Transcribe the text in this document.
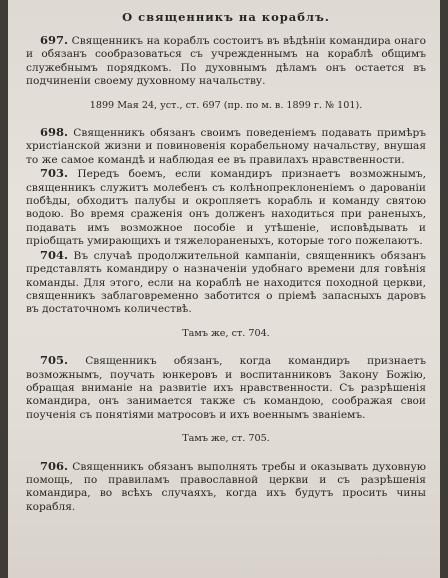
О священникъ на кораблъ.

697. Священникъ на кораблъ состоитъ въ вѣдѣніи командира онаго и обязанъ сообразоваться съ учрежденнымъ на кораблѣ общимъ служебнымъ порядкомъ. По духовнымъ дѣламъ онъ остается въ подчиненіи своему духовному начальству.

1899 Мая 24, уст., ст. 697 (пр. по м. в. 1899 г. № 101).

698. Священникъ обязанъ своимъ поведеніемъ подавать примѣръ христіанской жизни и повиновенія корабельному начальству, внушая то же самое командѣ и наблюдая ее въ правилахъ нравственности.

703. Передъ боемъ, если командиръ признаетъ возможнымъ, священникъ служитъ молебенъ съ колѣнопреклоненіемъ о дарованіи побѣды, обходитъ палубы и окропляетъ корабль и команду святою водою. Во время сраженія онъ долженъ находиться при раненыхъ, подавать имъ возможное пособіе и утѣшеніе, исповѣдывать и пріобщать умирающихъ и тяжелораненыхъ, которые того пожелаютъ.

704. Въ случаѣ продолжительной кампаніи, священникъ обязанъ представлять командиру о назначеніи удобнаго времени для говѣнія команды. Для этого, если на кораблѣ не находится походной церкви, священникъ заблаговременно заботится о пріемѣ запасныхъ даровъ въ достаточномъ количествѣ.

Тамъ же, ст. 704.

705. Священникъ обязанъ, когда командиръ признаетъ возможнымъ, поучать юнкеровъ и воспитанниковъ Закону Божію, обращая вниманіе на развитіе ихъ нравственности. Съ разрѣшенія командира, онъ занимается также съ командою, соображая свои поученія съ понятіями матросовъ и ихъ военнымъ званіемъ.

Тамъ же, ст. 705.

706. Священникъ обязанъ выполнять требы и оказывать духовную помощь, по правиламъ православной церкви и съ разрѣшенія командира, во всѣхъ случаяхъ, когда ихъ будутъ просить чины корабля.
